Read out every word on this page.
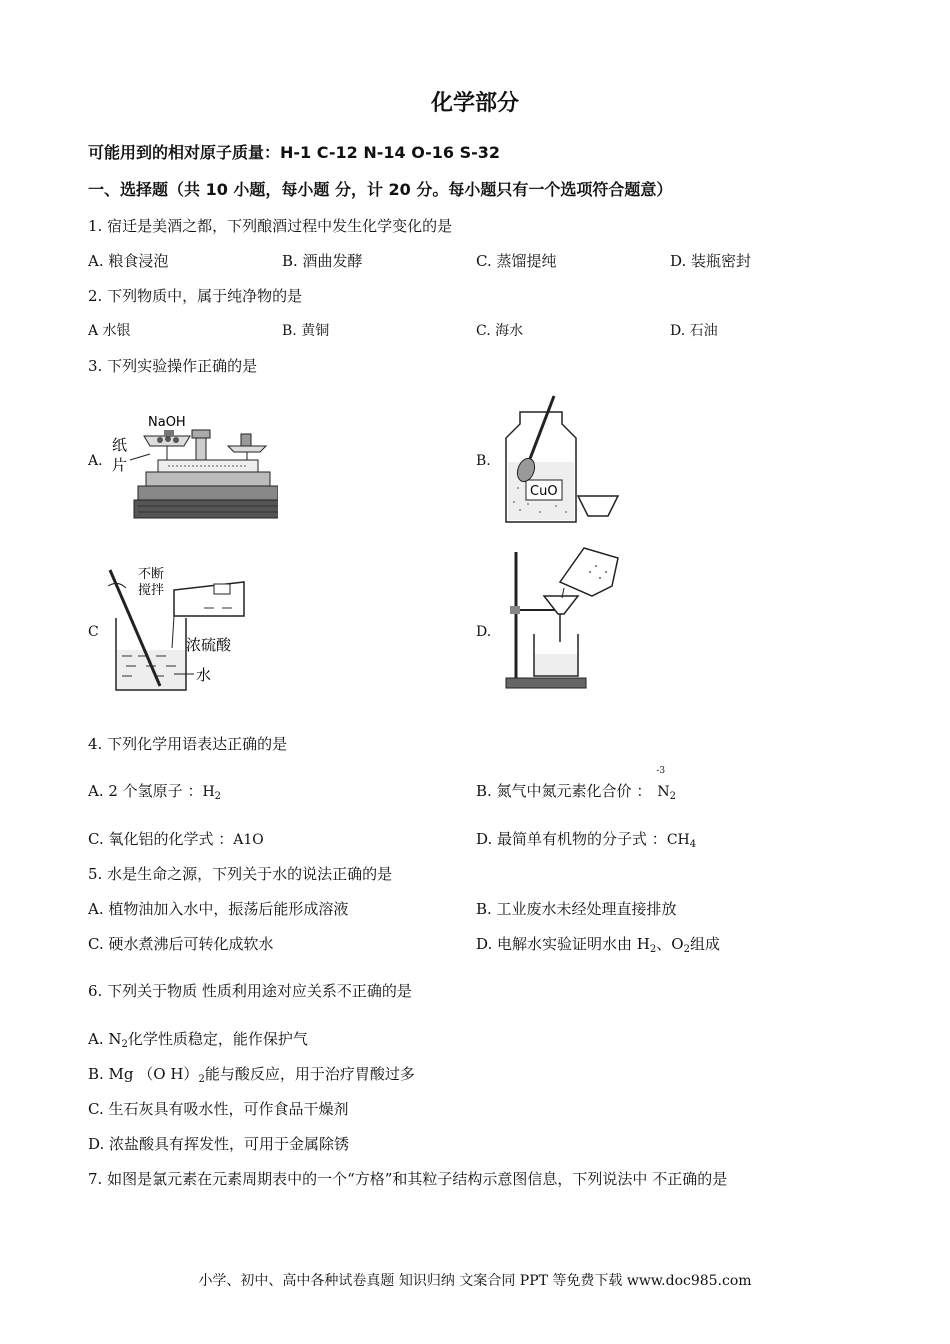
化学部分
可能用到的相对原子质量：H-1 C-12 N-14 O-16 S-32
一、选择题（共 10 小题，每小题 分，计 20 分。每小题只有一个选项符合题意）
1. 宿迁是美酒之都，下列酿酒过程中发生化学变化的是
A. 粮食浸泡	B. 酒曲发酵	C. 蒸馏提纯	D. 装瓶密封
2. 下列物质中，属于纯净物的是
A 水银	B. 黄铜	C. 海水	D. 石油
3. 下列实验操作正确的是
A.	B.
C	D.
NaOH
纸
片
CuO
不断
搅拌
浓硫酸
水
4. 下列化学用语表达正确的是
A. 2 个氢原子 ：$H_2$	B. 氮气中氮元素化合价 ：
-3
$N_2$
C. 氧化铝的化学式 ：A1O	D. 最简单有机物的分子式 ：$CH_4$
5. 水是生命之源，下列关于水的说法正确的是
A. 植物油加入水中，振荡后能形成溶液	B. 工业废水未经处理直接排放
C. 硬水煮沸后可转化成软水	D. 电解水实验证明水由 $H_2$、$O_2$组成
6. 下列关于物质 性质利用途对应关系不正确的是
A. $N_2$化学性质稳定，能作保护气
B. Mg （O $H)_2$能与酸反应，用于治疗胃酸过多
C. 生石灰具有吸水性，可作食品干燥剂
D. 浓盐酸具有挥发性，可用于金属除锈
7. 如图是氯元素在元素周期表中的一个“方格”和其粒子结构示意图信息，下列说法中 不正确的是
小学、初中、高中各种试卷真题 知识归纳 文案合同 PPT 等免费下载 www.doc985.com
